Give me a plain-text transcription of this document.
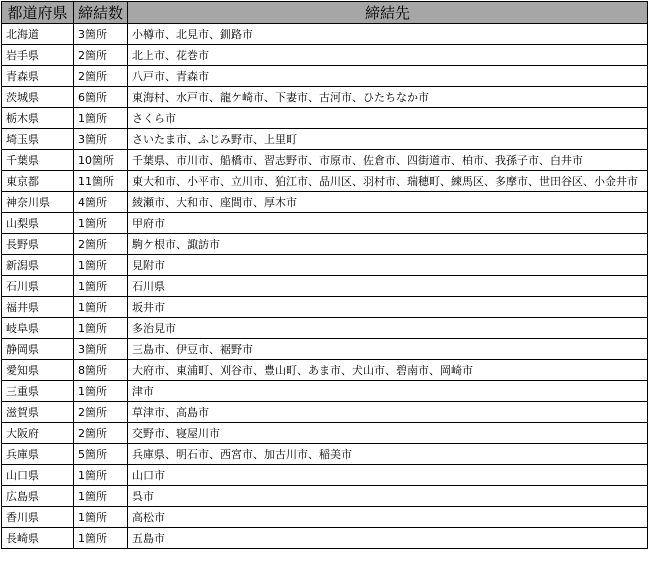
都道府県	締結数	締結先
北海道	3箇所	小樽市、北見市、釧路市
岩手県	2箇所	北上市、花巻市
青森県	2箇所	八戸市、青森市
茨城県	6箇所	東海村、水戸市、龍ケ崎市、下妻市、古河市、ひたちなか市
栃木県	1箇所	さくら市
埼玉県	3箇所	さいたま市、ふじみ野市、上里町
千葉県	10箇所	千葉県、市川市、船橋市、習志野市、市原市、佐倉市、四街道市、柏市、我孫子市、白井市
東京都	11箇所	東大和市、小平市、立川市、狛江市、品川区、羽村市、瑞穂町、練馬区、多摩市、世田谷区、小金井市
神奈川県	4箇所	綾瀬市、大和市、座間市、厚木市
山梨県	1箇所	甲府市
長野県	2箇所	駒ケ根市、諏訪市
新潟県	1箇所	見附市
石川県	1箇所	石川県
福井県	1箇所	坂井市
岐阜県	1箇所	多治見市
静岡県	3箇所	三島市、伊豆市、裾野市
愛知県	8箇所	大府市、東浦町、刈谷市、豊山町、あま市、犬山市、碧南市、岡崎市
三重県	1箇所	津市
滋賀県	2箇所	草津市、高島市
大阪府	2箇所	交野市、寝屋川市
兵庫県	5箇所	兵庫県、明石市、西宮市、加古川市、稲美市
山口県	1箇所	山口市
広島県	1箇所	呉市
香川県	1箇所	高松市
長崎県	1箇所	五島市
